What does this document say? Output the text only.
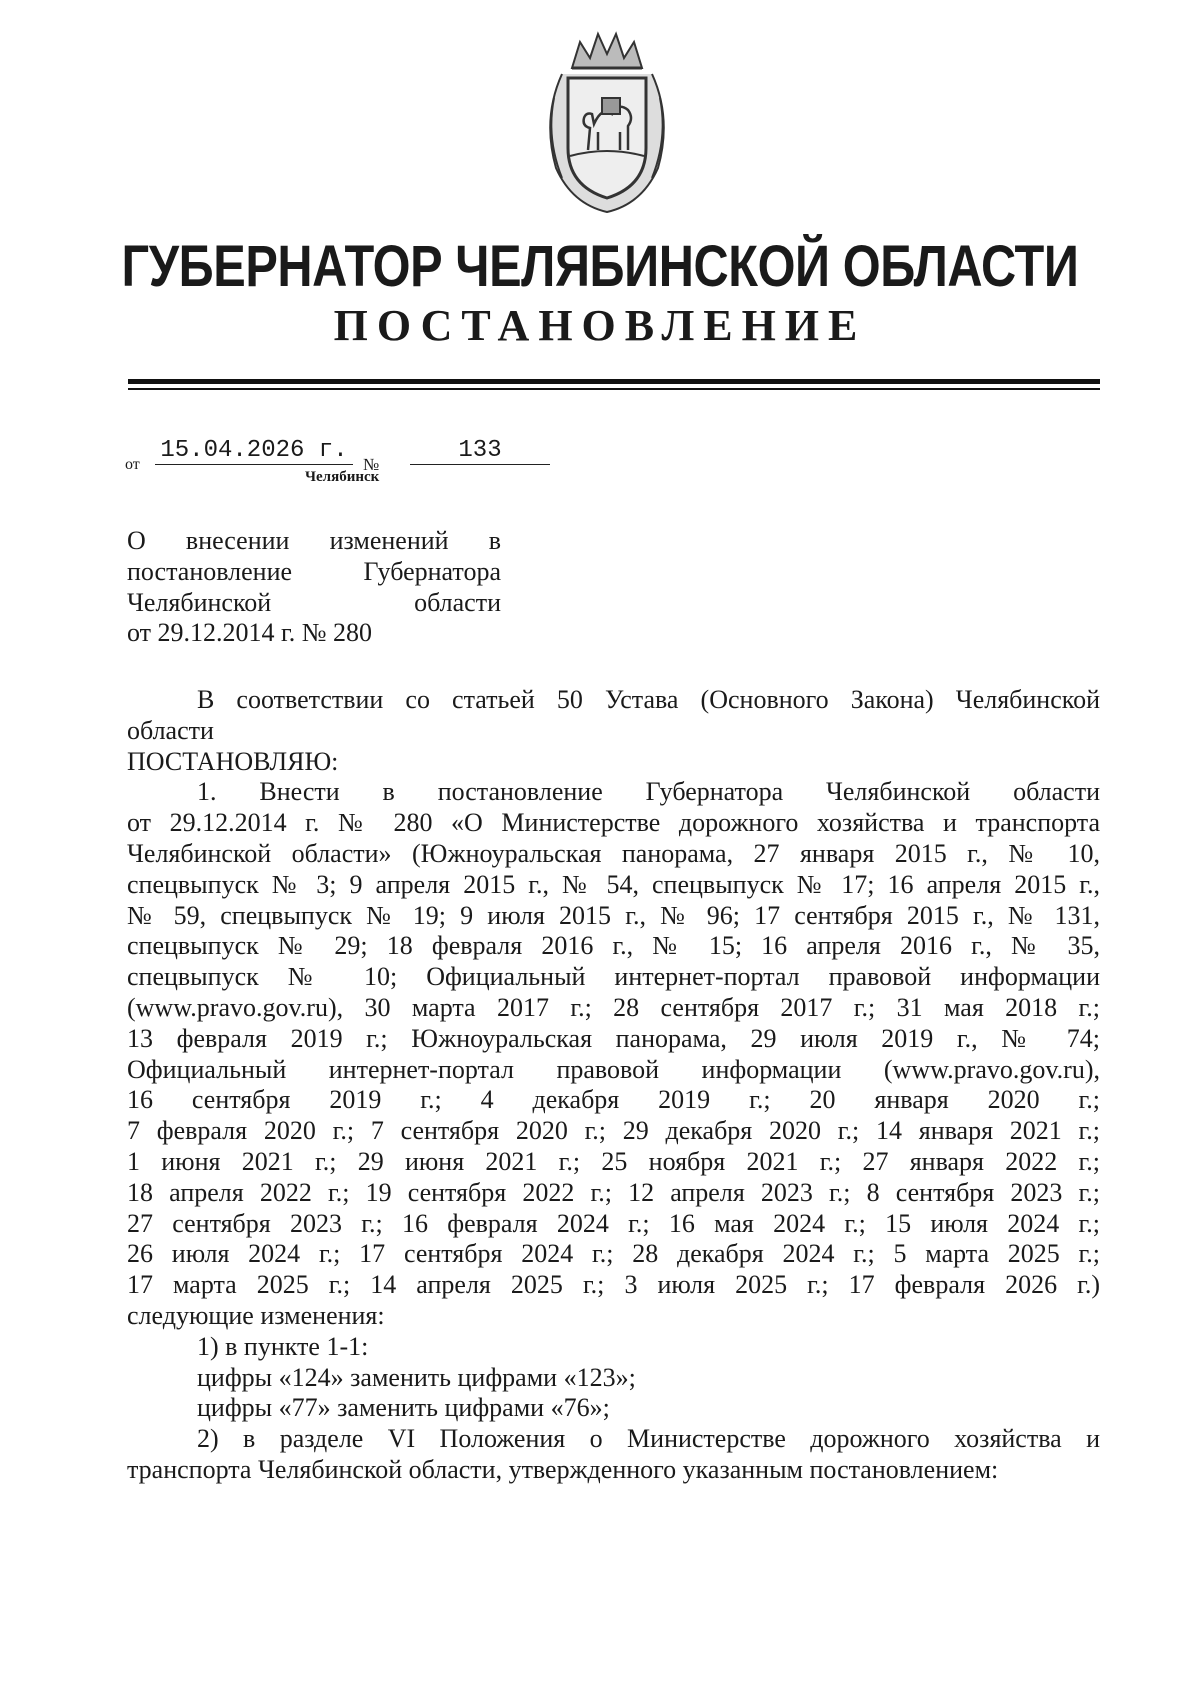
ГУБЕРНАТОР ЧЕЛЯБИНСКОЙ ОБЛАСТИ
ПОСТАНОВЛЕНИЕ
от
15.04.2026 г.
№
133
Челябинск
О внесении изменений в
постановление Губернатора
Челябинской области
от 29.12.2014 г. № 280
В соответствии со статьей 50 Устава (Основного Закона) Челябинской
области
ПОСТАНОВЛЯЮ:
1. Внести в постановление Губернатора Челябинской области
от 29.12.2014 г. № 280 «О Министерстве дорожного хозяйства и транспорта
Челябинской области» (Южноуральская панорама, 27 января 2015 г., № 10,
спецвыпуск № 3; 9 апреля 2015 г., № 54, спецвыпуск № 17; 16 апреля 2015 г.,
№ 59, спецвыпуск № 19; 9 июля 2015 г., № 96; 17 сентября 2015 г., № 131,
спецвыпуск № 29; 18 февраля 2016 г., № 15; 16 апреля 2016 г., № 35,
спецвыпуск № 10; Официальный интернет-портал правовой информации
(www.pravo.gov.ru), 30 марта 2017 г.; 28 сентября 2017 г.; 31 мая 2018 г.;
13 февраля 2019 г.; Южноуральская панорама, 29 июля 2019 г., № 74;
Официальный интернет-портал правовой информации (www.pravo.gov.ru),
16 сентября 2019 г.; 4 декабря 2019 г.; 20 января 2020 г.;
7 февраля 2020 г.; 7 сентября 2020 г.; 29 декабря 2020 г.; 14 января 2021 г.;
1 июня 2021 г.; 29 июня 2021 г.; 25 ноября 2021 г.; 27 января 2022 г.;
18 апреля 2022 г.; 19 сентября 2022 г.; 12 апреля 2023 г.; 8 сентября 2023 г.;
27 сентября 2023 г.; 16 февраля 2024 г.; 16 мая 2024 г.; 15 июля 2024 г.;
26 июля 2024 г.; 17 сентября 2024 г.; 28 декабря 2024 г.; 5 марта 2025 г.;
17 марта 2025 г.; 14 апреля 2025 г.; 3 июля 2025 г.; 17 февраля 2026 г.)
следующие изменения:
1) в пункте 1-1:
цифры «124» заменить цифрами «123»;
цифры «77» заменить цифрами «76»;
2) в разделе VI Положения о Министерстве дорожного хозяйства и
транспорта Челябинской области, утвержденного указанным постановлением:
